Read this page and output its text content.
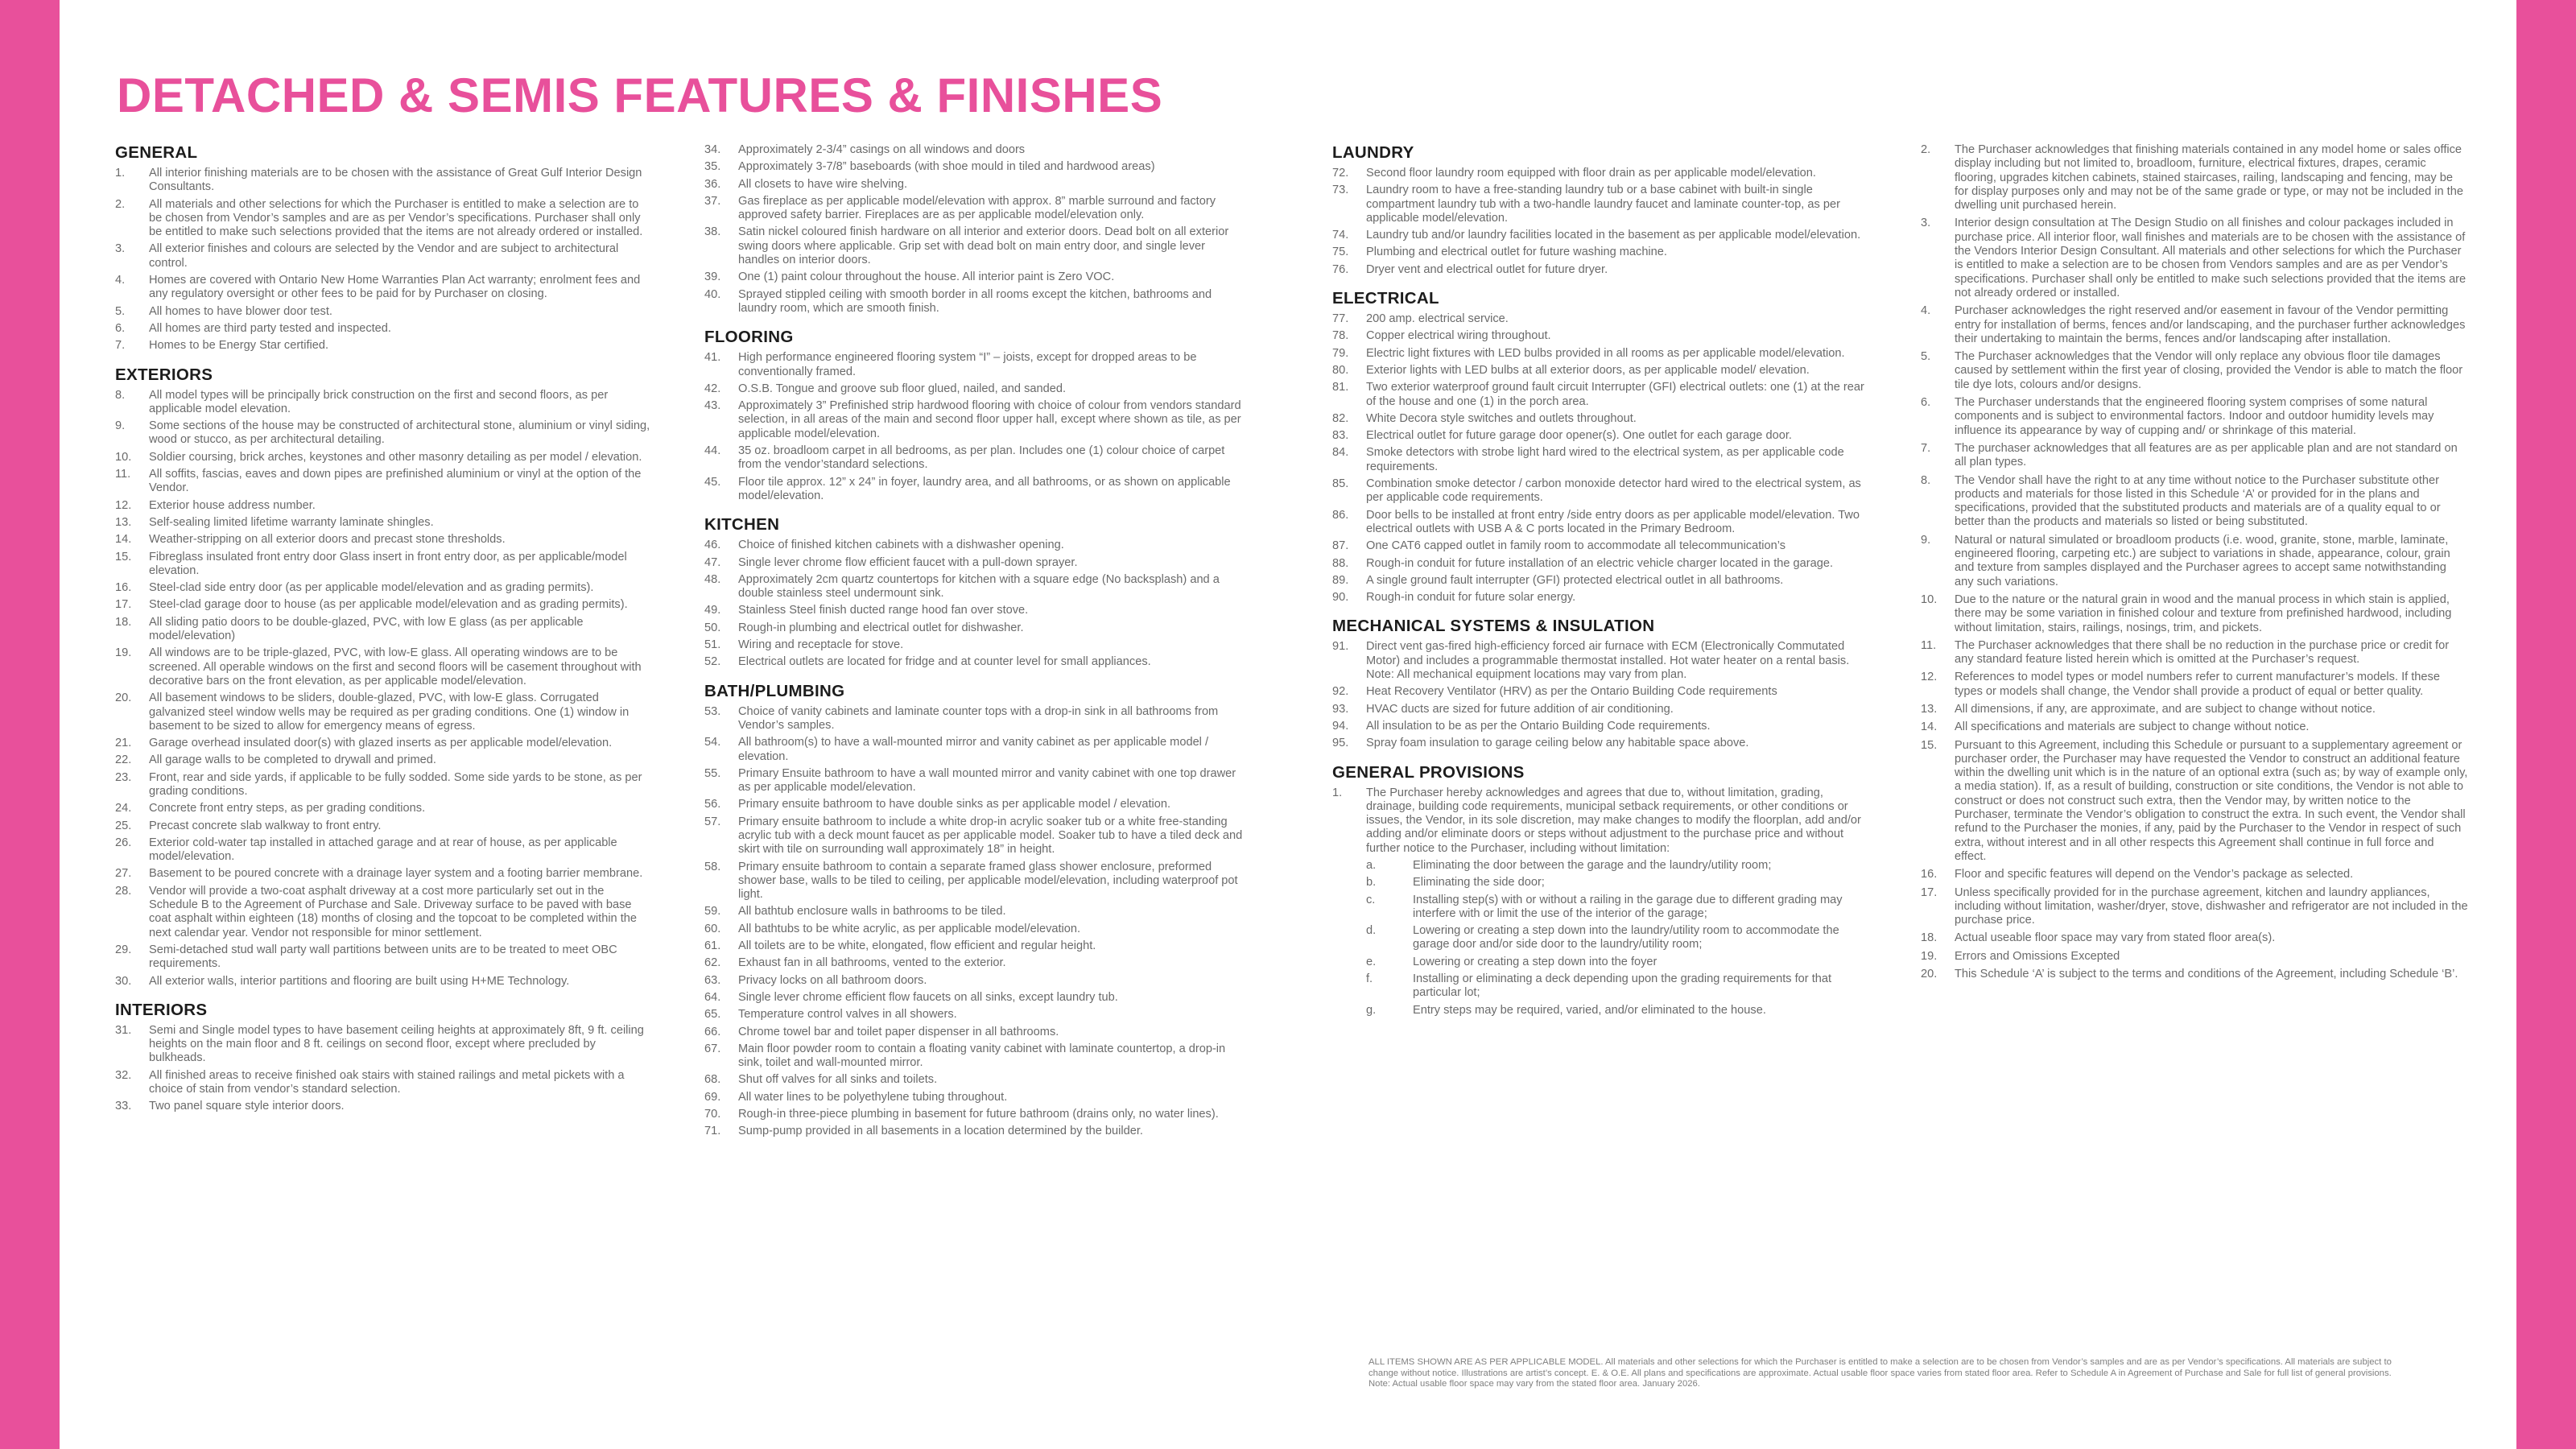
DETACHED & SEMIS FEATURES & FINISHES
GENERAL
1.	All interior finishing materials are to be chosen with the assistance of Great Gulf Interior Design Consultants.
2.	All materials and other selections for which the Purchaser is entitled to make a selection are to be chosen from Vendor’s samples and are as per Vendor’s specifications. Purchaser shall only be entitled to make such selections provided that the items are not already ordered or installed.
3.	All exterior finishes and colours are selected by the Vendor and are subject to architectural control.
4.	Homes are covered with Ontario New Home Warranties Plan Act warranty; enrolment fees and any regulatory oversight or other fees to be paid for by Purchaser on closing.
5.	All homes to have blower door test.
6.	All homes are third party tested and inspected.
7.	Homes to be Energy Star certified.
EXTERIORS
8.	All model types will be principally brick construction on the first and second floors, as per applicable model elevation.
9.	Some sections of the house may be constructed of architectural stone, aluminium or vinyl siding, wood or stucco, as per architectural detailing.
10.	Soldier coursing, brick arches, keystones and other masonry detailing as per model / elevation.
11.	All soffits, fascias, eaves and down pipes are prefinished aluminium or vinyl at the option of the Vendor.
12.	Exterior house address number.
13.	Self-sealing limited lifetime warranty laminate shingles.
14.	Weather-stripping on all exterior doors and precast stone thresholds.
15.	Fibreglass insulated front entry door Glass insert in front entry door, as per applicable/model elevation.
16.	Steel-clad side entry door (as per applicable model/elevation and as grading permits).
17.	Steel-clad garage door to house (as per applicable model/elevation and as grading permits).
18.	All sliding patio doors to be double-glazed, PVC, with low E glass (as per applicable model/elevation)
19.	All windows are to be triple-glazed, PVC, with low-E glass. All operating windows are to be screened. All operable windows on the first and second floors will be casement throughout with decorative bars on the front elevation, as per applicable model/elevation.
20.	All basement windows to be sliders, double-glazed, PVC, with low-E glass. Corrugated galvanized steel window wells may be required as per grading conditions. One (1) window in basement to be sized to allow for emergency means of egress.
21.	Garage overhead insulated door(s) with glazed inserts as per applicable model/elevation.
22.	All garage walls to be completed to drywall and primed.
23.	Front, rear and side yards, if applicable to be fully sodded. Some side yards to be stone, as per grading conditions.
24.	Concrete front entry steps, as per grading conditions.
25.	Precast concrete slab walkway to front entry.
26.	Exterior cold-water tap installed in attached garage and at rear of house, as per applicable model/elevation.
27.	Basement to be poured concrete with a drainage layer system and a footing barrier membrane.
28.	Vendor will provide a two-coat asphalt driveway at a cost more particularly set out in the Schedule B to the Agreement of Purchase and Sale. Driveway surface to be paved with base coat asphalt within eighteen (18) months of closing and the topcoat to be completed within the next calendar year. Vendor not responsible for minor settlement.
29.	Semi-detached stud wall party wall partitions between units are to be treated to meet OBC requirements.
30.	All exterior walls, interior partitions and flooring are built using H+ME Technology.
INTERIORS
31.	Semi and Single model types to have basement ceiling heights at approximately 8ft, 9 ft. ceiling heights on the main floor and 8 ft. ceilings on second floor, except where precluded by bulkheads.
32.	All finished areas to receive finished oak stairs with stained railings and metal pickets with a choice of stain from vendor’s standard selection.
33.	Two panel square style interior doors.
34.	Approximately 2-3/4” casings on all windows and doors
35.	Approximately 3-7/8” baseboards (with shoe mould in tiled and hardwood areas)
36.	All closets to have wire shelving.
37.	Gas fireplace as per applicable model/elevation with approx. 8” marble surround and factory approved safety barrier. Fireplaces are as per applicable model/elevation only.
38.	Satin nickel coloured finish hardware on all interior and exterior doors. Dead bolt on all exterior swing doors where applicable. Grip set with dead bolt on main entry door, and single lever handles on interior doors.
39.	One (1) paint colour throughout the house. All interior paint is Zero VOC.
40.	Sprayed stippled ceiling with smooth border in all rooms except the kitchen, bathrooms and laundry room, which are smooth finish.
FLOORING
41.	High performance engineered flooring system “I” – joists, except for dropped areas to be conventionally framed.
42.	O.S.B. Tongue and groove sub floor glued, nailed, and sanded.
43.	Approximately 3” Prefinished strip hardwood flooring with choice of colour from vendors standard selection, in all areas of the main and second floor upper hall, except where shown as tile, as per applicable model/elevation.
44.	35 oz. broadloom carpet in all bedrooms, as per plan. Includes one (1) colour choice of carpet from the vendor’standard selections.
45.	Floor tile approx. 12” x 24” in foyer, laundry area, and all bathrooms, or as shown on applicable model/elevation.
KITCHEN
46.	Choice of finished kitchen cabinets with a dishwasher opening.
47.	Single lever chrome flow efficient faucet with a pull-down sprayer.
48.	Approximately 2cm quartz countertops for kitchen with a square edge (No backsplash) and a double stainless steel undermount sink.
49.	Stainless Steel finish ducted range hood fan over stove.
50.	Rough-in plumbing and electrical outlet for dishwasher.
51.	Wiring and receptacle for stove.
52.	Electrical outlets are located for fridge and at counter level for small appliances.
BATH/PLUMBING
53.	Choice of vanity cabinets and laminate counter tops with a drop-in sink in all bathrooms from Vendor’s samples.
54.	All bathroom(s) to have a wall-mounted mirror and vanity cabinet as per applicable model / elevation.
55.	Primary Ensuite bathroom to have a wall mounted mirror and vanity cabinet with one top drawer as per applicable model/elevation.
56.	Primary ensuite bathroom to have double sinks as per applicable model / elevation.
57.	Primary ensuite bathroom to include a white drop-in acrylic soaker tub or a white free-standing acrylic tub with a deck mount faucet as per applicable model. Soaker tub to have a tiled deck and skirt with tile on surrounding wall approximately 18” in height.
58.	Primary ensuite bathroom to contain a separate framed glass shower enclosure, preformed shower base, walls to be tiled to ceiling, per applicable model/elevation, including waterproof pot light.
59.	All bathtub enclosure walls in bathrooms to be tiled.
60.	All bathtubs to be white acrylic, as per applicable model/elevation.
61.	All toilets are to be white, elongated, flow efficient and regular height.
62.	Exhaust fan in all bathrooms, vented to the exterior.
63.	Privacy locks on all bathroom doors.
64.	Single lever chrome efficient flow faucets on all sinks, except laundry tub.
65.	Temperature control valves in all showers.
66.	Chrome towel bar and toilet paper dispenser in all bathrooms.
67.	Main floor powder room to contain a floating vanity cabinet with laminate countertop, a drop-in sink, toilet and wall-mounted mirror.
68.	Shut off valves for all sinks and toilets.
69.	All water lines to be polyethylene tubing throughout.
70.	Rough-in three-piece plumbing in basement for future bathroom (drains only, no water lines).
71.	Sump-pump provided in all basements in a location determined by the builder.
LAUNDRY
72.	Second floor laundry room equipped with floor drain as per applicable model/elevation.
73.	Laundry room to have a free-standing laundry tub or a base cabinet with built-in single compartment laundry tub with a two-handle laundry faucet and laminate counter-top, as per applicable model/elevation.
74.	Laundry tub and/or laundry facilities located in the basement as per applicable model/elevation.
75.	Plumbing and electrical outlet for future washing machine.
76.	Dryer vent and electrical outlet for future dryer.
ELECTRICAL
77.	200 amp. electrical service.
78.	Copper electrical wiring throughout.
79.	Electric light fixtures with LED bulbs provided in all rooms as per applicable model/elevation.
80.	Exterior lights with LED bulbs at all exterior doors, as per applicable model/ elevation.
81.	Two exterior waterproof ground fault circuit Interrupter (GFI) electrical outlets: one (1) at the rear of the house and one (1) in the porch area.
82.	White Decora style switches and outlets throughout.
83.	Electrical outlet for future garage door opener(s). One outlet for each garage door.
84.	Smoke detectors with strobe light hard wired to the electrical system, as per applicable code requirements.
85.	Combination smoke detector / carbon monoxide detector hard wired to the electrical system, as per applicable code requirements.
86.	Door bells to be installed at front entry /side entry doors as per applicable model/elevation. Two electrical outlets with USB A & C ports located in the Primary Bedroom.
87.	One CAT6 capped outlet in family room to accommodate all telecommunication’s
88.	Rough-in conduit for future installation of an electric vehicle charger located in the garage.
89.	A single ground fault interrupter (GFI) protected electrical outlet in all bathrooms.
90.	Rough-in conduit for future solar energy.
MECHANICAL SYSTEMS & INSULATION
91.	Direct vent gas-fired high-efficiency forced air furnace with ECM (Electronically Commutated Motor) and includes a programmable thermostat installed. Hot water heater on a rental basis. Note: All mechanical equipment locations may vary from plan.
92.	Heat Recovery Ventilator (HRV) as per the Ontario Building Code requirements
93.	HVAC ducts are sized for future addition of air conditioning.
94.	All insulation to be as per the Ontario Building Code requirements.
95.	Spray foam insulation to garage ceiling below any habitable space above.
GENERAL PROVISIONS
1.	The Purchaser hereby acknowledges and agrees that due to, without limitation, grading, drainage, building code requirements, municipal setback requirements, or other conditions or issues, the Vendor, in its sole discretion, may make changes to modify the floorplan, add and/or adding and/or eliminate doors or steps without adjustment to the purchase price and without further notice to the Purchaser, including without limitation:
a.	Eliminating the door between the garage and the laundry/utility room;
b.	Eliminating the side door;
c.	Installing step(s) with or without a railing in the garage due to different grading may interfere with or limit the use of the interior of the garage;
d.	Lowering or creating a step down into the laundry/utility room to accommodate the garage door and/or side door to the laundry/utility room;
e.	Lowering or creating a step down into the foyer
f.	Installing or eliminating a deck depending upon the grading requirements for that particular lot;
g.	Entry steps may be required, varied, and/or eliminated to the house.
2.	The Purchaser acknowledges that finishing materials contained in any model home or sales office display including but not limited to, broadloom, furniture, electrical fixtures, drapes, ceramic flooring, upgrades kitchen cabinets, stained staircases, railing, landscaping and fencing, may be for display purposes only and may not be of the same grade or type, or may not be included in the dwelling unit purchased herein.
3.	Interior design consultation at The Design Studio on all finishes and colour packages included in purchase price. All interior floor, wall finishes and materials are to be chosen with the assistance of the Vendors Interior Design Consultant. All materials and other selections for which the Purchaser is entitled to make a selection are to be chosen from Vendors samples and are as per Vendor’s specifications. Purchaser shall only be entitled to make such selections provided that the items are not already ordered or installed.
4.	Purchaser acknowledges the right reserved and/or easement in favour of the Vendor permitting entry for installation of berms, fences and/or landscaping, and the purchaser further acknowledges their undertaking to maintain the berms, fences and/or landscaping after installation.
5.	The Purchaser acknowledges that the Vendor will only replace any obvious floor tile damages caused by settlement within the first year of closing, provided the Vendor is able to match the floor tile dye lots, colours and/or designs.
6.	The Purchaser understands that the engineered flooring system comprises of some natural components and is subject to environmental factors. Indoor and outdoor humidity levels may influence its appearance by way of cupping and/ or shrinkage of this material.
7.	The purchaser acknowledges that all features are as per applicable plan and are not standard on all plan types.
8.	The Vendor shall have the right to at any time without notice to the Purchaser substitute other products and materials for those listed in this Schedule ‘A’ or provided for in the plans and specifications, provided that the substituted products and materials are of a quality equal to or better than the products and materials so listed or being substituted.
9.	Natural or natural simulated or broadloom products (i.e. wood, granite, stone, marble, laminate, engineered flooring, carpeting etc.) are subject to variations in shade, appearance, colour, grain and texture from samples displayed and the Purchaser agrees to accept same notwithstanding any such variations.
10.	Due to the nature or the natural grain in wood and the manual process in which stain is applied, there may be some variation in finished colour and texture from prefinished hardwood, including without limitation, stairs, railings, nosings, trim, and pickets.
11.	The Purchaser acknowledges that there shall be no reduction in the purchase price or credit for any standard feature listed herein which is omitted at the Purchaser’s request.
12.	References to model types or model numbers refer to current manufacturer’s models. If these types or models shall change, the Vendor shall provide a product of equal or better quality.
13.	All dimensions, if any, are approximate, and are subject to change without notice.
14.	All specifications and materials are subject to change without notice.
15.	Pursuant to this Agreement, including this Schedule or pursuant to a supplementary agreement or purchaser order, the Purchaser may have requested the Vendor to construct an additional feature within the dwelling unit which is in the nature of an optional extra (such as; by way of example only, a media station). If, as a result of building, construction or site conditions, the Vendor is not able to construct or does not construct such extra, then the Vendor may, by written notice to the Purchaser, terminate the Vendor’s obligation to construct the extra. In such event, the Vendor shall refund to the Purchaser the monies, if any, paid by the Purchaser to the Vendor in respect of such extra, without interest and in all other respects this Agreement shall continue in full force and effect.
16.	Floor and specific features will depend on the Vendor’s package as selected.
17.	Unless specifically provided for in the purchase agreement, kitchen and laundry appliances, including without limitation, washer/dryer, stove, dishwasher and refrigerator are not included in the purchase price.
18.	Actual useable floor space may vary from stated floor area(s).
19.	Errors and Omissions Excepted
20.	This Schedule ‘A’ is subject to the terms and conditions of the Agreement, including Schedule ‘B’.
ALL ITEMS SHOWN ARE AS PER APPLICABLE MODEL. All materials and other selections for which the Purchaser is entitled to make a selection are to be chosen from Vendor’s samples and are as per Vendor’s specifications. All materials are subject to change without notice. Illustrations are artist’s concept. E. & O.E. All plans and specifications are approximate. Actual usable floor space varies from stated floor area. Refer to Schedule A in Agreement of Purchase and Sale for full list of general provisions. Note: Actual usable floor space may vary from the stated floor area. January 2026.
